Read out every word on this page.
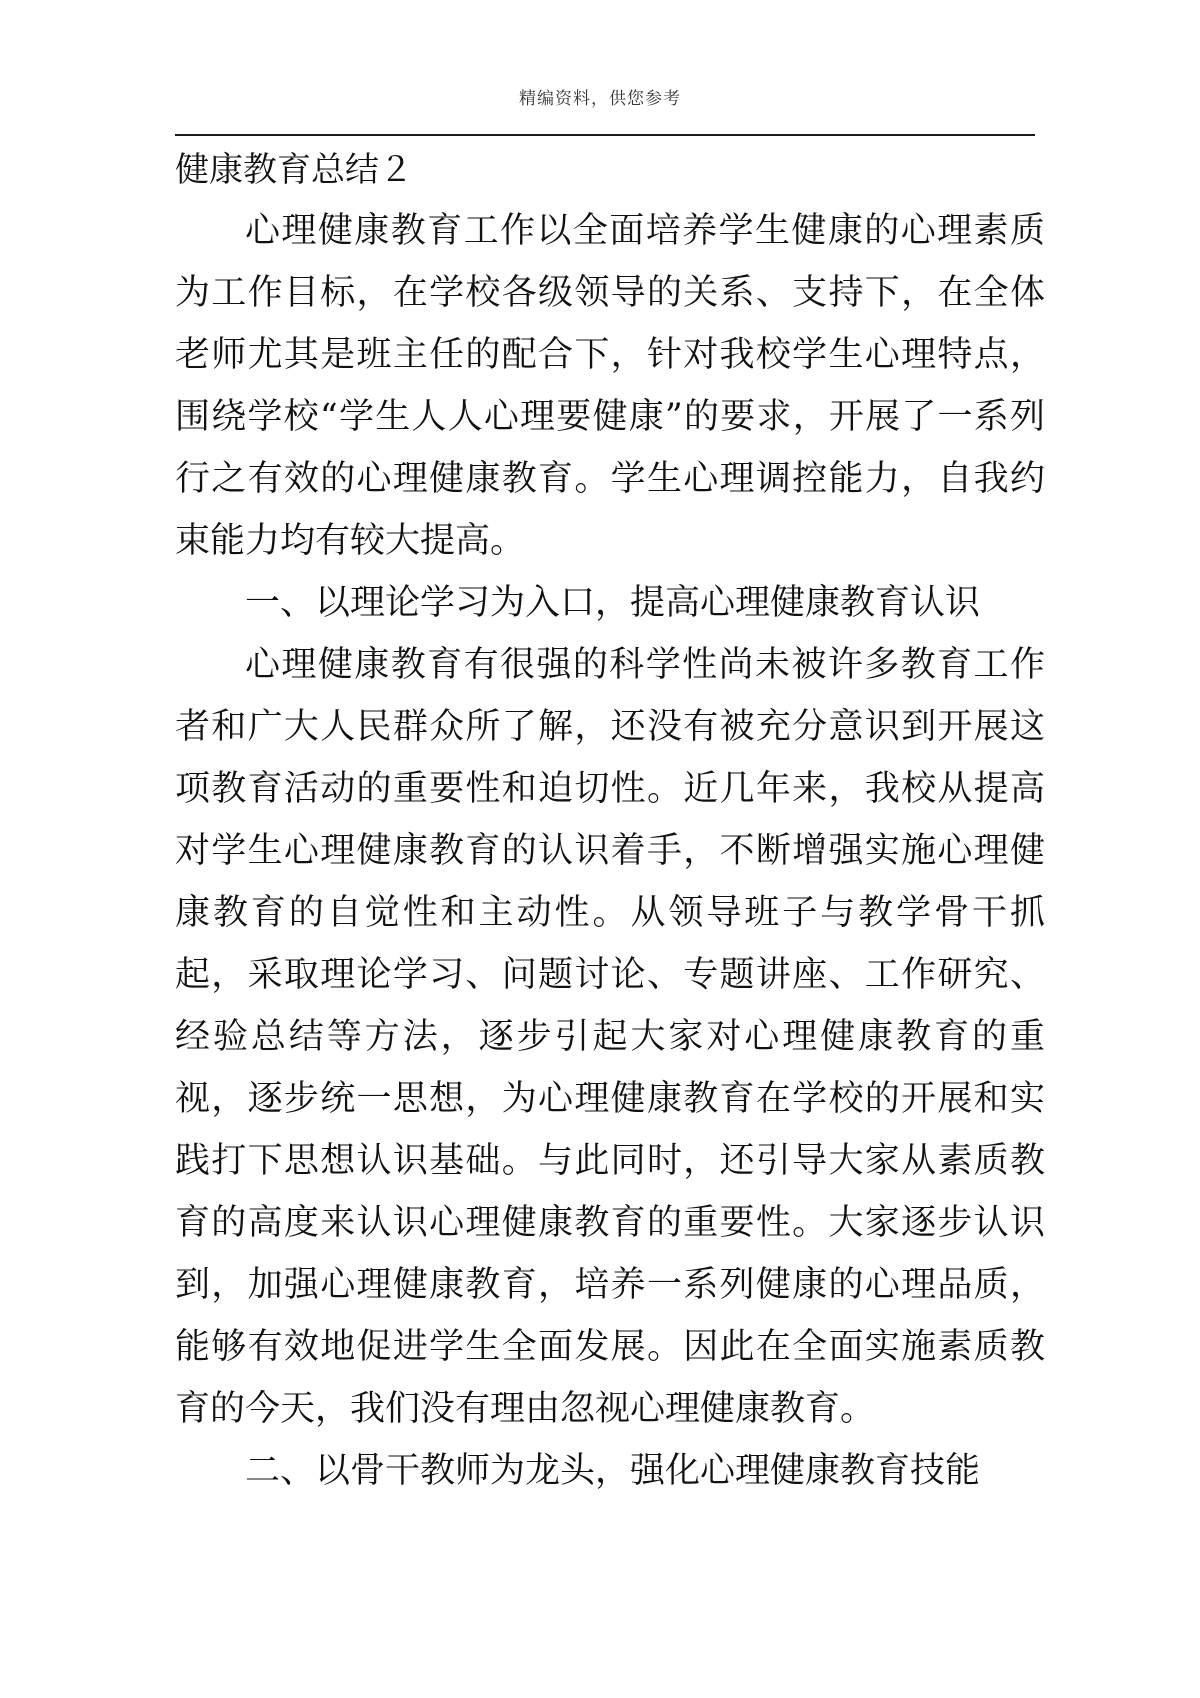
精编资料，供您参考
健康教育总结２

心理健康教育工作以全面培养学生健康的心理素质为工作目标，在学校各级领导的关系、支持下，在全体老师尤其是班主任的配合下，针对我校学生心理特点，围绕学校“学生人人心理要健康”的要求，开展了一系列行之有效的心理健康教育。学生心理调控能力，自我约束能力均有较大提高。

一、以理论学习为入口，提高心理健康教育认识

心理健康教育有很强的科学性尚未被许多教育工作者和广大人民群众所了解，还没有被充分意识到开展这项教育活动的重要性和迫切性。近几年来，我校从提高对学生心理健康教育的认识着手，不断增强实施心理健康教育的自觉性和主动性。从领导班子与教学骨干抓起，采取理论学习、问题讨论、专题讲座、工作研究、经验总结等方法，逐步引起大家对心理健康教育的重视，逐步统一思想，为心理健康教育在学校的开展和实践打下思想认识基础。与此同时，还引导大家从素质教育的高度来认识心理健康教育的重要性。大家逐步认识到，加强心理健康教育，培养一系列健康的心理品质，能够有效地促进学生全面发展。因此在全面实施素质教育的今天，我们没有理由忽视心理健康教育。

二、以骨干教师为龙头，强化心理健康教育技能
